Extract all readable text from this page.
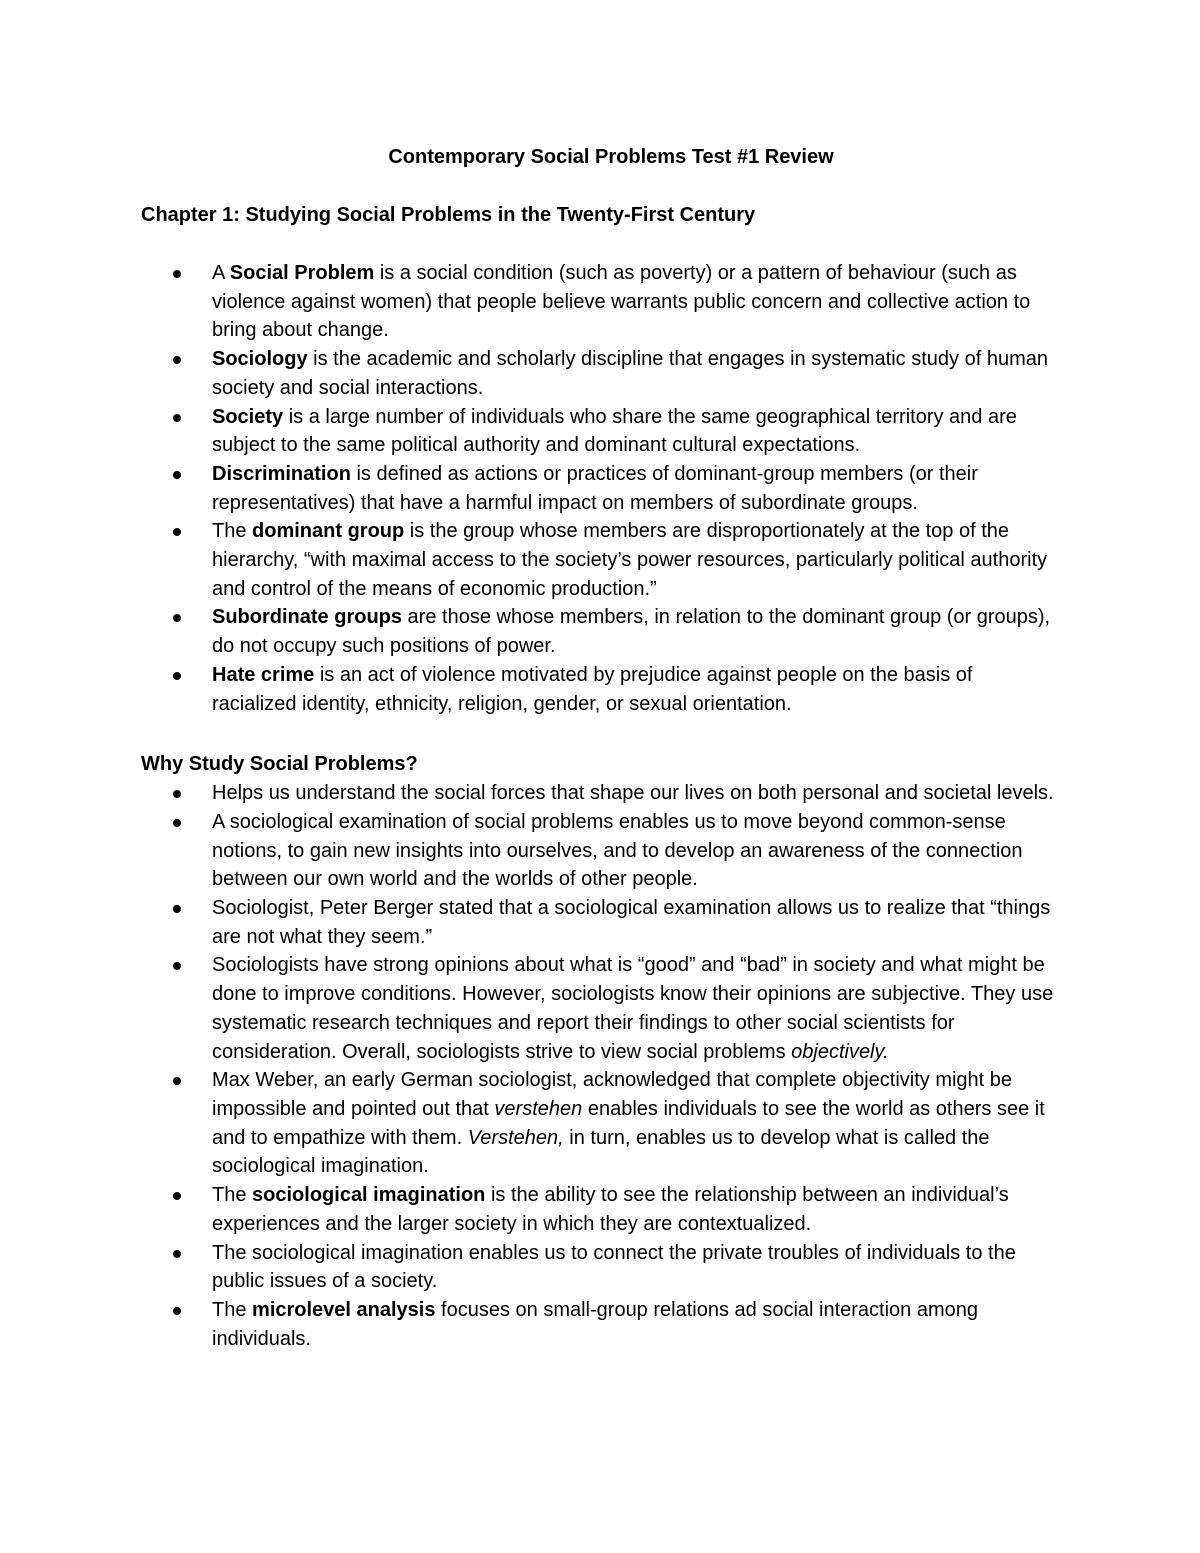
Contemporary Social Problems Test #1 Review
Chapter 1: Studying Social Problems in the Twenty-First Century
A Social Problem is a social condition (such as poverty) or a pattern of behaviour (such as violence against women) that people believe warrants public concern and collective action to bring about change.
Sociology is the academic and scholarly discipline that engages in systematic study of human society and social interactions.
Society is a large number of individuals who share the same geographical territory and are subject to the same political authority and dominant cultural expectations.
Discrimination is defined as actions or practices of dominant-group members (or their representatives) that have a harmful impact on members of subordinate groups.
The dominant group is the group whose members are disproportionately at the top of the hierarchy, “with maximal access to the society’s power resources, particularly political authority and control of the means of economic production.”
Subordinate groups are those whose members, in relation to the dominant group (or groups), do not occupy such positions of power.
Hate crime is an act of violence motivated by prejudice against people on the basis of racialized identity, ethnicity, religion, gender, or sexual orientation.
Why Study Social Problems?
Helps us understand the social forces that shape our lives on both personal and societal levels.
A sociological examination of social problems enables us to move beyond common-sense notions, to gain new insights into ourselves, and to develop an awareness of the connection between our own world and the worlds of other people.
Sociologist, Peter Berger stated that a sociological examination allows us to realize that “things are not what they seem.”
Sociologists have strong opinions about what is “good” and “bad” in society and what might be done to improve conditions. However, sociologists know their opinions are subjective. They use systematic research techniques and report their findings to other social scientists for consideration. Overall, sociologists strive to view social problems objectively.
Max Weber, an early German sociologist, acknowledged that complete objectivity might be impossible and pointed out that verstehen enables individuals to see the world as others see it and to empathize with them. Verstehen, in turn, enables us to develop what is called the sociological imagination.
The sociological imagination is the ability to see the relationship between an individual’s experiences and the larger society in which they are contextualized.
The sociological imagination enables us to connect the private troubles of individuals to the public issues of a society.
The microlevel analysis focuses on small-group relations ad social interaction among individuals.
